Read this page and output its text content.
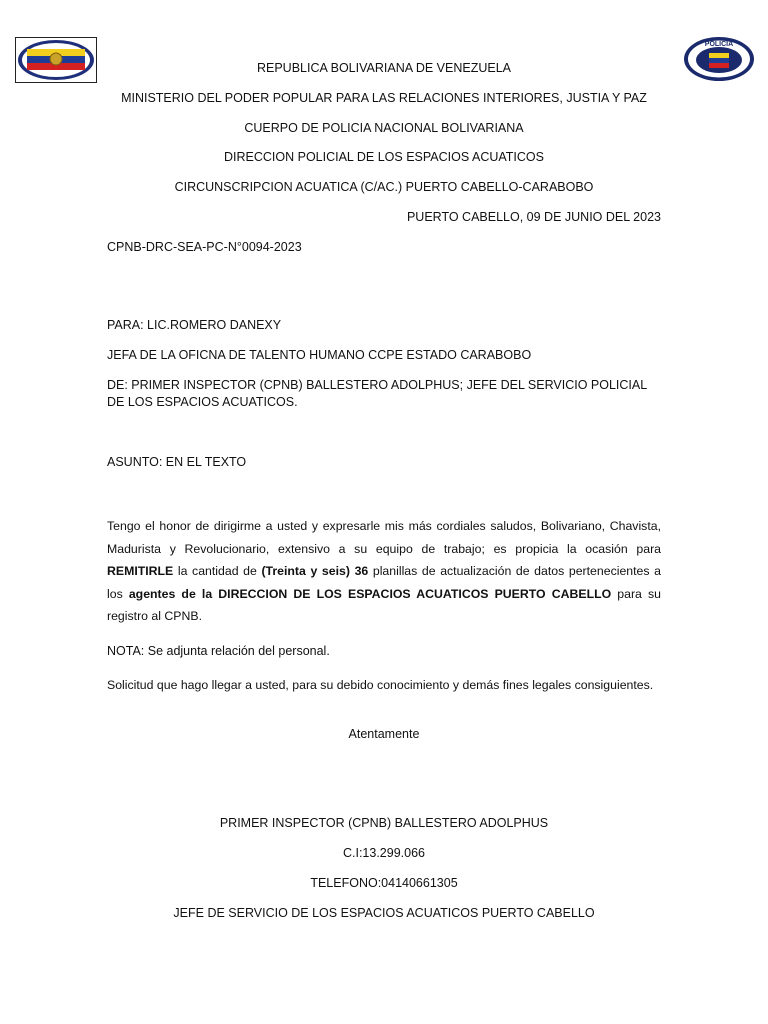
POLICIA
REPUBLICA BOLIVARIANA DE VENEZUELA
MINISTERIO DEL PODER POPULAR PARA LAS RELACIONES INTERIORES, JUSTIA Y PAZ
CUERPO DE POLICIA NACIONAL BOLIVARIANA
DIRECCION POLICIAL DE LOS ESPACIOS ACUATICOS
CIRCUNSCRIPCION ACUATICA (C/AC.) PUERTO CABELLO-CARABOBO
PUERTO CABELLO, 09 DE JUNIO DEL 2023
CPNB-DRC-SEA-PC-N°0094-2023
PARA: LIC.ROMERO DANEXY
JEFA DE LA OFICNA DE TALENTO HUMANO CCPE ESTADO CARABOBO
DE: PRIMER INSPECTOR (CPNB) BALLESTERO ADOLPHUS; JEFE DEL SERVICIO POLICIAL
DE LOS ESPACIOS ACUATICOS.
ASUNTO: EN EL TEXTO
Tengo el honor de dirigirme a usted y expresarle mis más cordiales saludos, Bolivariano, Chavista, Madurista y Revolucionario, extensivo a su equipo de trabajo; es propicia la ocasión para REMITIRLE la cantidad de (Treinta y seis) 36 planillas de actualización de datos pertenecientes a los agentes de la DIRECCION DE LOS ESPACIOS ACUATICOS PUERTO CABELLO para su registro al CPNB.
NOTA: Se adjunta relación del personal.
Solicitud que hago llegar a usted, para su debido conocimiento y demás fines legales consiguientes.
Atentamente
PRIMER INSPECTOR (CPNB) BALLESTERO ADOLPHUS
C.I:13.299.066
TELEFONO:04140661305
JEFE DE SERVICIO DE LOS ESPACIOS ACUATICOS PUERTO CABELLO
